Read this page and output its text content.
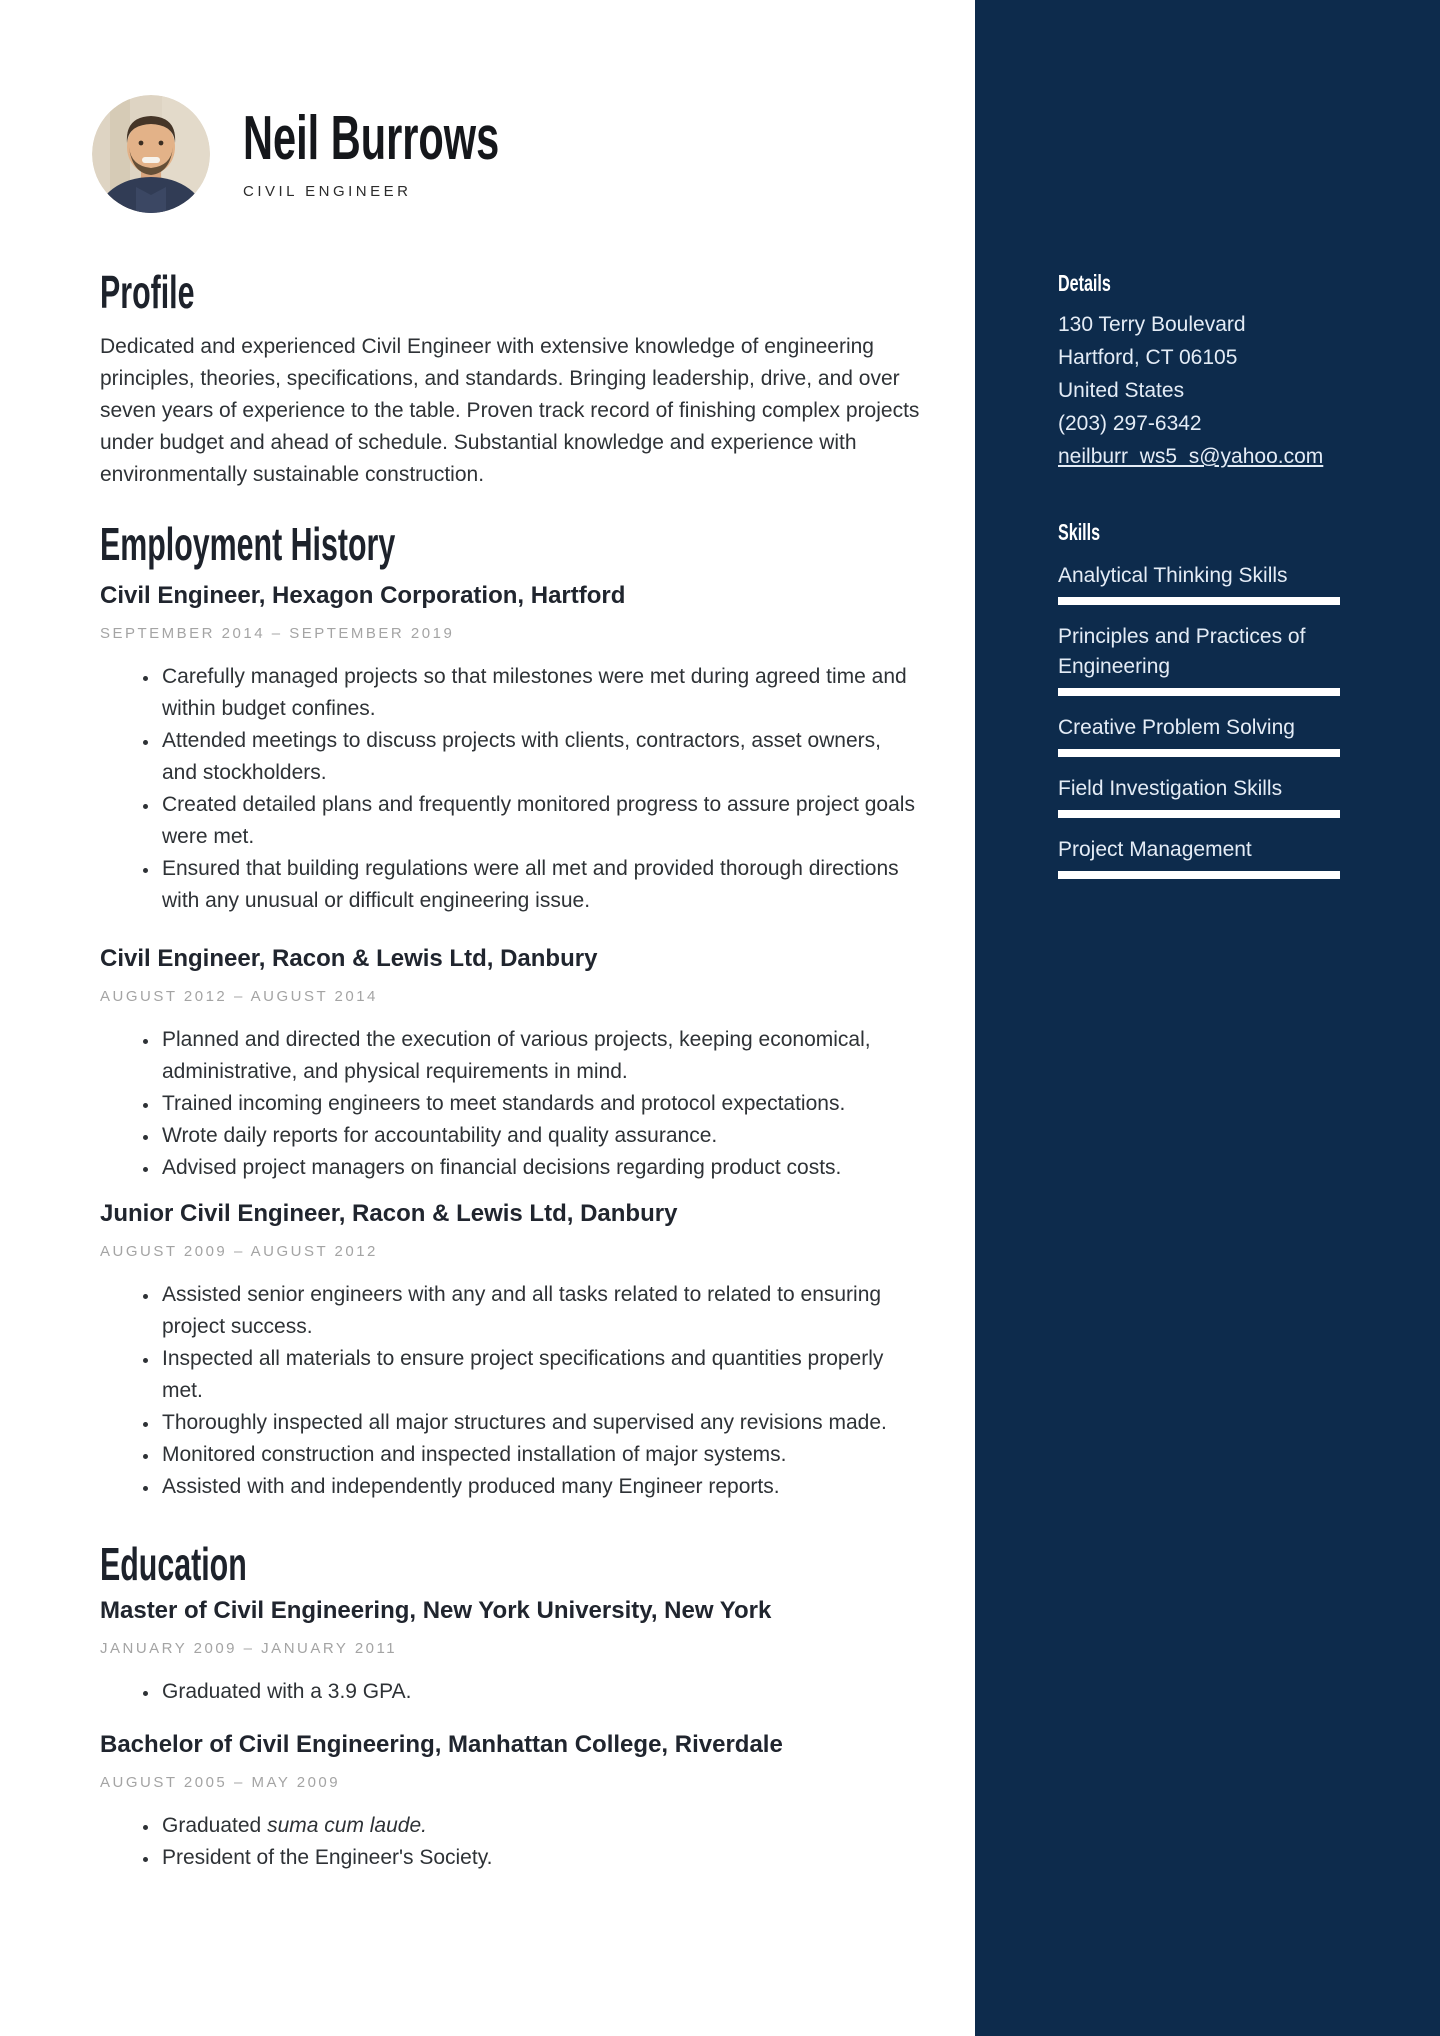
Neil Burrows
CIVIL ENGINEER
Profile

Dedicated and experienced Civil Engineer with extensive knowledge of engineering principles, theories, specifications, and standards. Bringing leadership, drive, and over seven years of experience to the table. Proven track record of finishing complex projects under budget and ahead of schedule. Substantial knowledge and experience with environmentally sustainable construction.

Employment History
Civil Engineer, Hexagon Corporation, Hartford
SEPTEMBER 2014 – SEPTEMBER 2019
• Carefully managed projects so that milestones were met during agreed time and within budget confines.
• Attended meetings to discuss projects with clients, contractors, asset owners, and stockholders.
• Created detailed plans and frequently monitored progress to assure project goals were met.
• Ensured that building regulations were all met and provided thorough directions with any unusual or difficult engineering issue.
Civil Engineer, Racon & Lewis Ltd, Danbury
AUGUST 2012 – AUGUST 2014
• Planned and directed the execution of various projects, keeping economical, administrative, and physical requirements in mind.
• Trained incoming engineers to meet standards and protocol expectations.
• Wrote daily reports for accountability and quality assurance.
• Advised project managers on financial decisions regarding product costs.
Junior Civil Engineer, Racon & Lewis Ltd, Danbury
AUGUST 2009 – AUGUST 2012
• Assisted senior engineers with any and all tasks related to related to ensuring project success.
• Inspected all materials to ensure project specifications and quantities properly met.
• Thoroughly inspected all major structures and supervised any revisions made.
• Monitored construction and inspected installation of major systems.
• Assisted with and independently produced many Engineer reports.
Education
Master of Civil Engineering, New York University, New York
JANUARY 2009 – JANUARY 2011
• Graduated with a 3.9 GPA.
Bachelor of Civil Engineering, Manhattan College, Riverdale
AUGUST 2005 – MAY 2009
• Graduated suma cum laude.
• President of the Engineer's Society.
Details
130 Terry Boulevard
Hartford, CT 06105
United States
(203) 297-6342
neilburr_ws5_s@yahoo.com
Skills
Analytical Thinking Skills
Principles and Practices of Engineering
Creative Problem Solving
Field Investigation Skills
Project Management
